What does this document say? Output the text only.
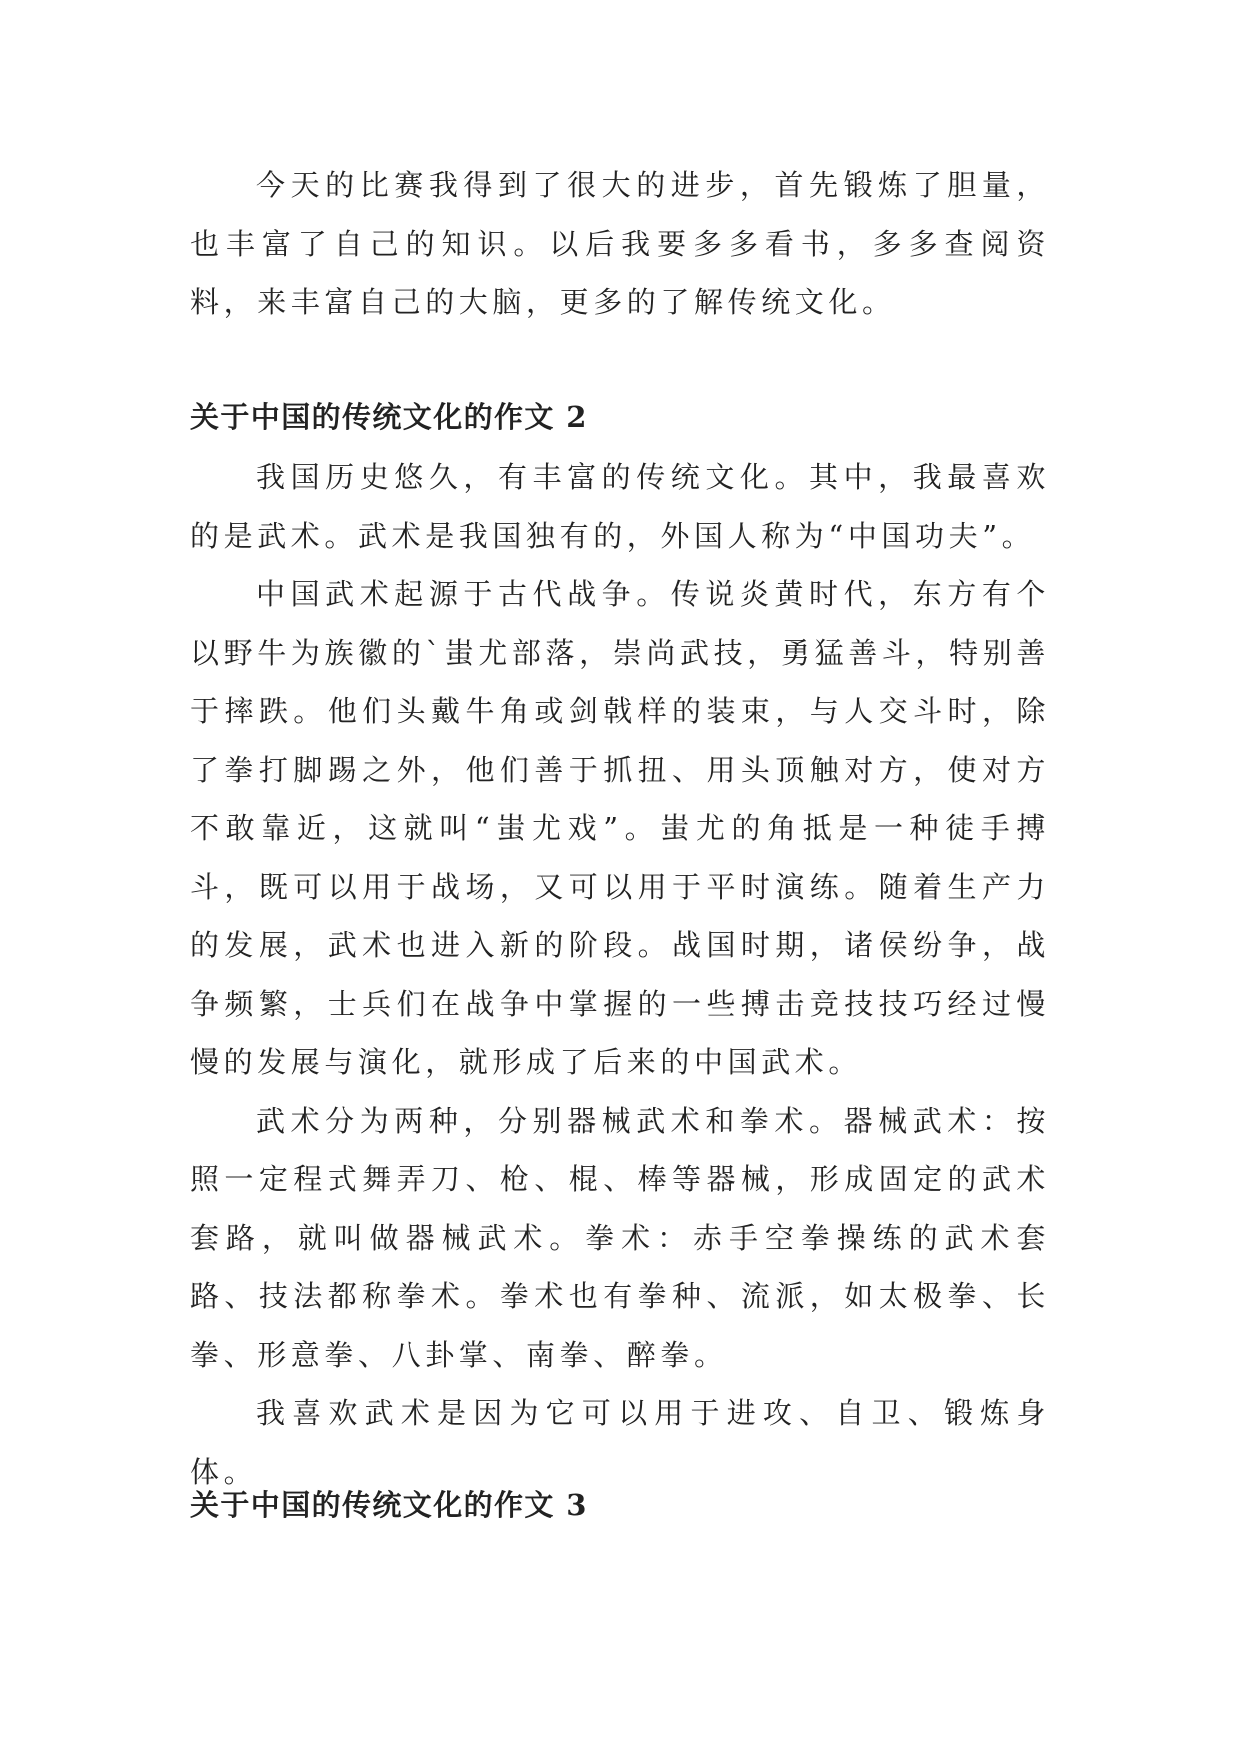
今天的比赛我得到了很大的进步，首先锻炼了胆量，也丰富了自己的知识。以后我要多多看书，多多查阅资料，来丰富自己的大脑，更多的了解传统文化。

关于中国的传统文化的作文 2

我国历史悠久，有丰富的传统文化。其中，我最喜欢的是武术。武术是我国独有的，外国人称为“中国功夫”。

中国武术起源于古代战争。传说炎黄时代，东方有个以野牛为族徽的`蚩尤部落，崇尚武技，勇猛善斗，特别善于摔跌。他们头戴牛角或剑戟样的装束，与人交斗时，除了拳打脚踢之外，他们善于抓扭、用头顶触对方，使对方不敢靠近，这就叫“蚩尤戏”。蚩尤的角抵是一种徒手搏斗，既可以用于战场，又可以用于平时演练。随着生产力的发展，武术也进入新的阶段。战国时期，诸侯纷争，战争频繁，士兵们在战争中掌握的一些搏击竞技技巧经过慢慢的发展与演化，就形成了后来的中国武术。

武术分为两种，分别器械武术和拳术。器械武术：按照一定程式舞弄刀、枪、棍、棒等器械，形成固定的武术套路，就叫做器械武术。拳术：赤手空拳操练的武术套路、技法都称拳术。拳术也有拳种、流派，如太极拳、长拳、形意拳、八卦掌、南拳、醉拳。

我喜欢武术是因为它可以用于进攻、自卫、锻炼身体。

关于中国的传统文化的作文 3
